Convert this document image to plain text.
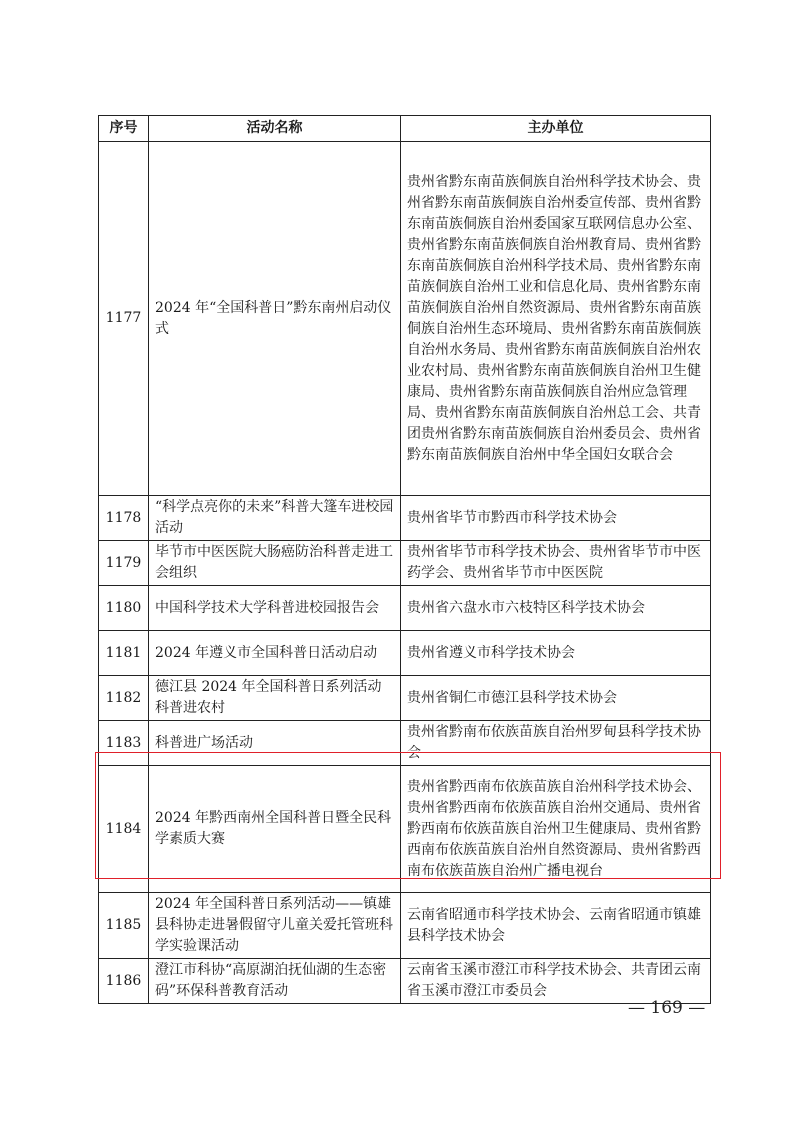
序号	活动名称	主办单位
1177	2024 年“全国科普日”黔东南州启动仪式	贵州省黔东南苗族侗族自治州科学技术协会、贵州省黔东南苗族侗族自治州委宣传部、贵州省黔东南苗族侗族自治州委国家互联网信息办公室、贵州省黔东南苗族侗族自治州教育局、贵州省黔东南苗族侗族自治州科学技术局、贵州省黔东南苗族侗族自治州工业和信息化局、贵州省黔东南苗族侗族自治州自然资源局、贵州省黔东南苗族侗族自治州生态环境局、贵州省黔东南苗族侗族自治州水务局、贵州省黔东南苗族侗族自治州农业农村局、贵州省黔东南苗族侗族自治州卫生健康局、贵州省黔东南苗族侗族自治州应急管理局、贵州省黔东南苗族侗族自治州总工会、共青团贵州省黔东南苗族侗族自治州委员会、贵州省黔东南苗族侗族自治州中华全国妇女联合会
1178	“科学点亮你的未来”科普大篷车进校园活动	贵州省毕节市黔西市科学技术协会
1179	毕节市中医医院大肠癌防治科普走进工会组织	贵州省毕节市科学技术协会、贵州省毕节市中医药学会、贵州省毕节市中医医院
1180	中国科学技术大学科普进校园报告会	贵州省六盘水市六枝特区科学技术协会
1181	2024 年遵义市全国科普日活动启动	贵州省遵义市科学技术协会
1182	德江县 2024 年全国科普日系列活动科普进农村	贵州省铜仁市德江县科学技术协会
1183	科普进广场活动	贵州省黔南布依族苗族自治州罗甸县科学技术协会
1184	2024 年黔西南州全国科普日暨全民科学素质大赛	贵州省黔西南布依族苗族自治州科学技术协会、贵州省黔西南布依族苗族自治州交通局、贵州省黔西南布依族苗族自治州卫生健康局、贵州省黔西南布依族苗族自治州自然资源局、贵州省黔西南布依族苗族自治州广播电视台
1185	2024 年全国科普日系列活动——镇雄县科协走进暑假留守儿童关爱托管班科学实验课活动	云南省昭通市科学技术协会、云南省昭通市镇雄县科学技术协会
1186	澄江市科协“高原湖泊抚仙湖的生态密码”环保科普教育活动	云南省玉溪市澄江市科学技术协会、共青团云南省玉溪市澄江市委员会
— 169 —
